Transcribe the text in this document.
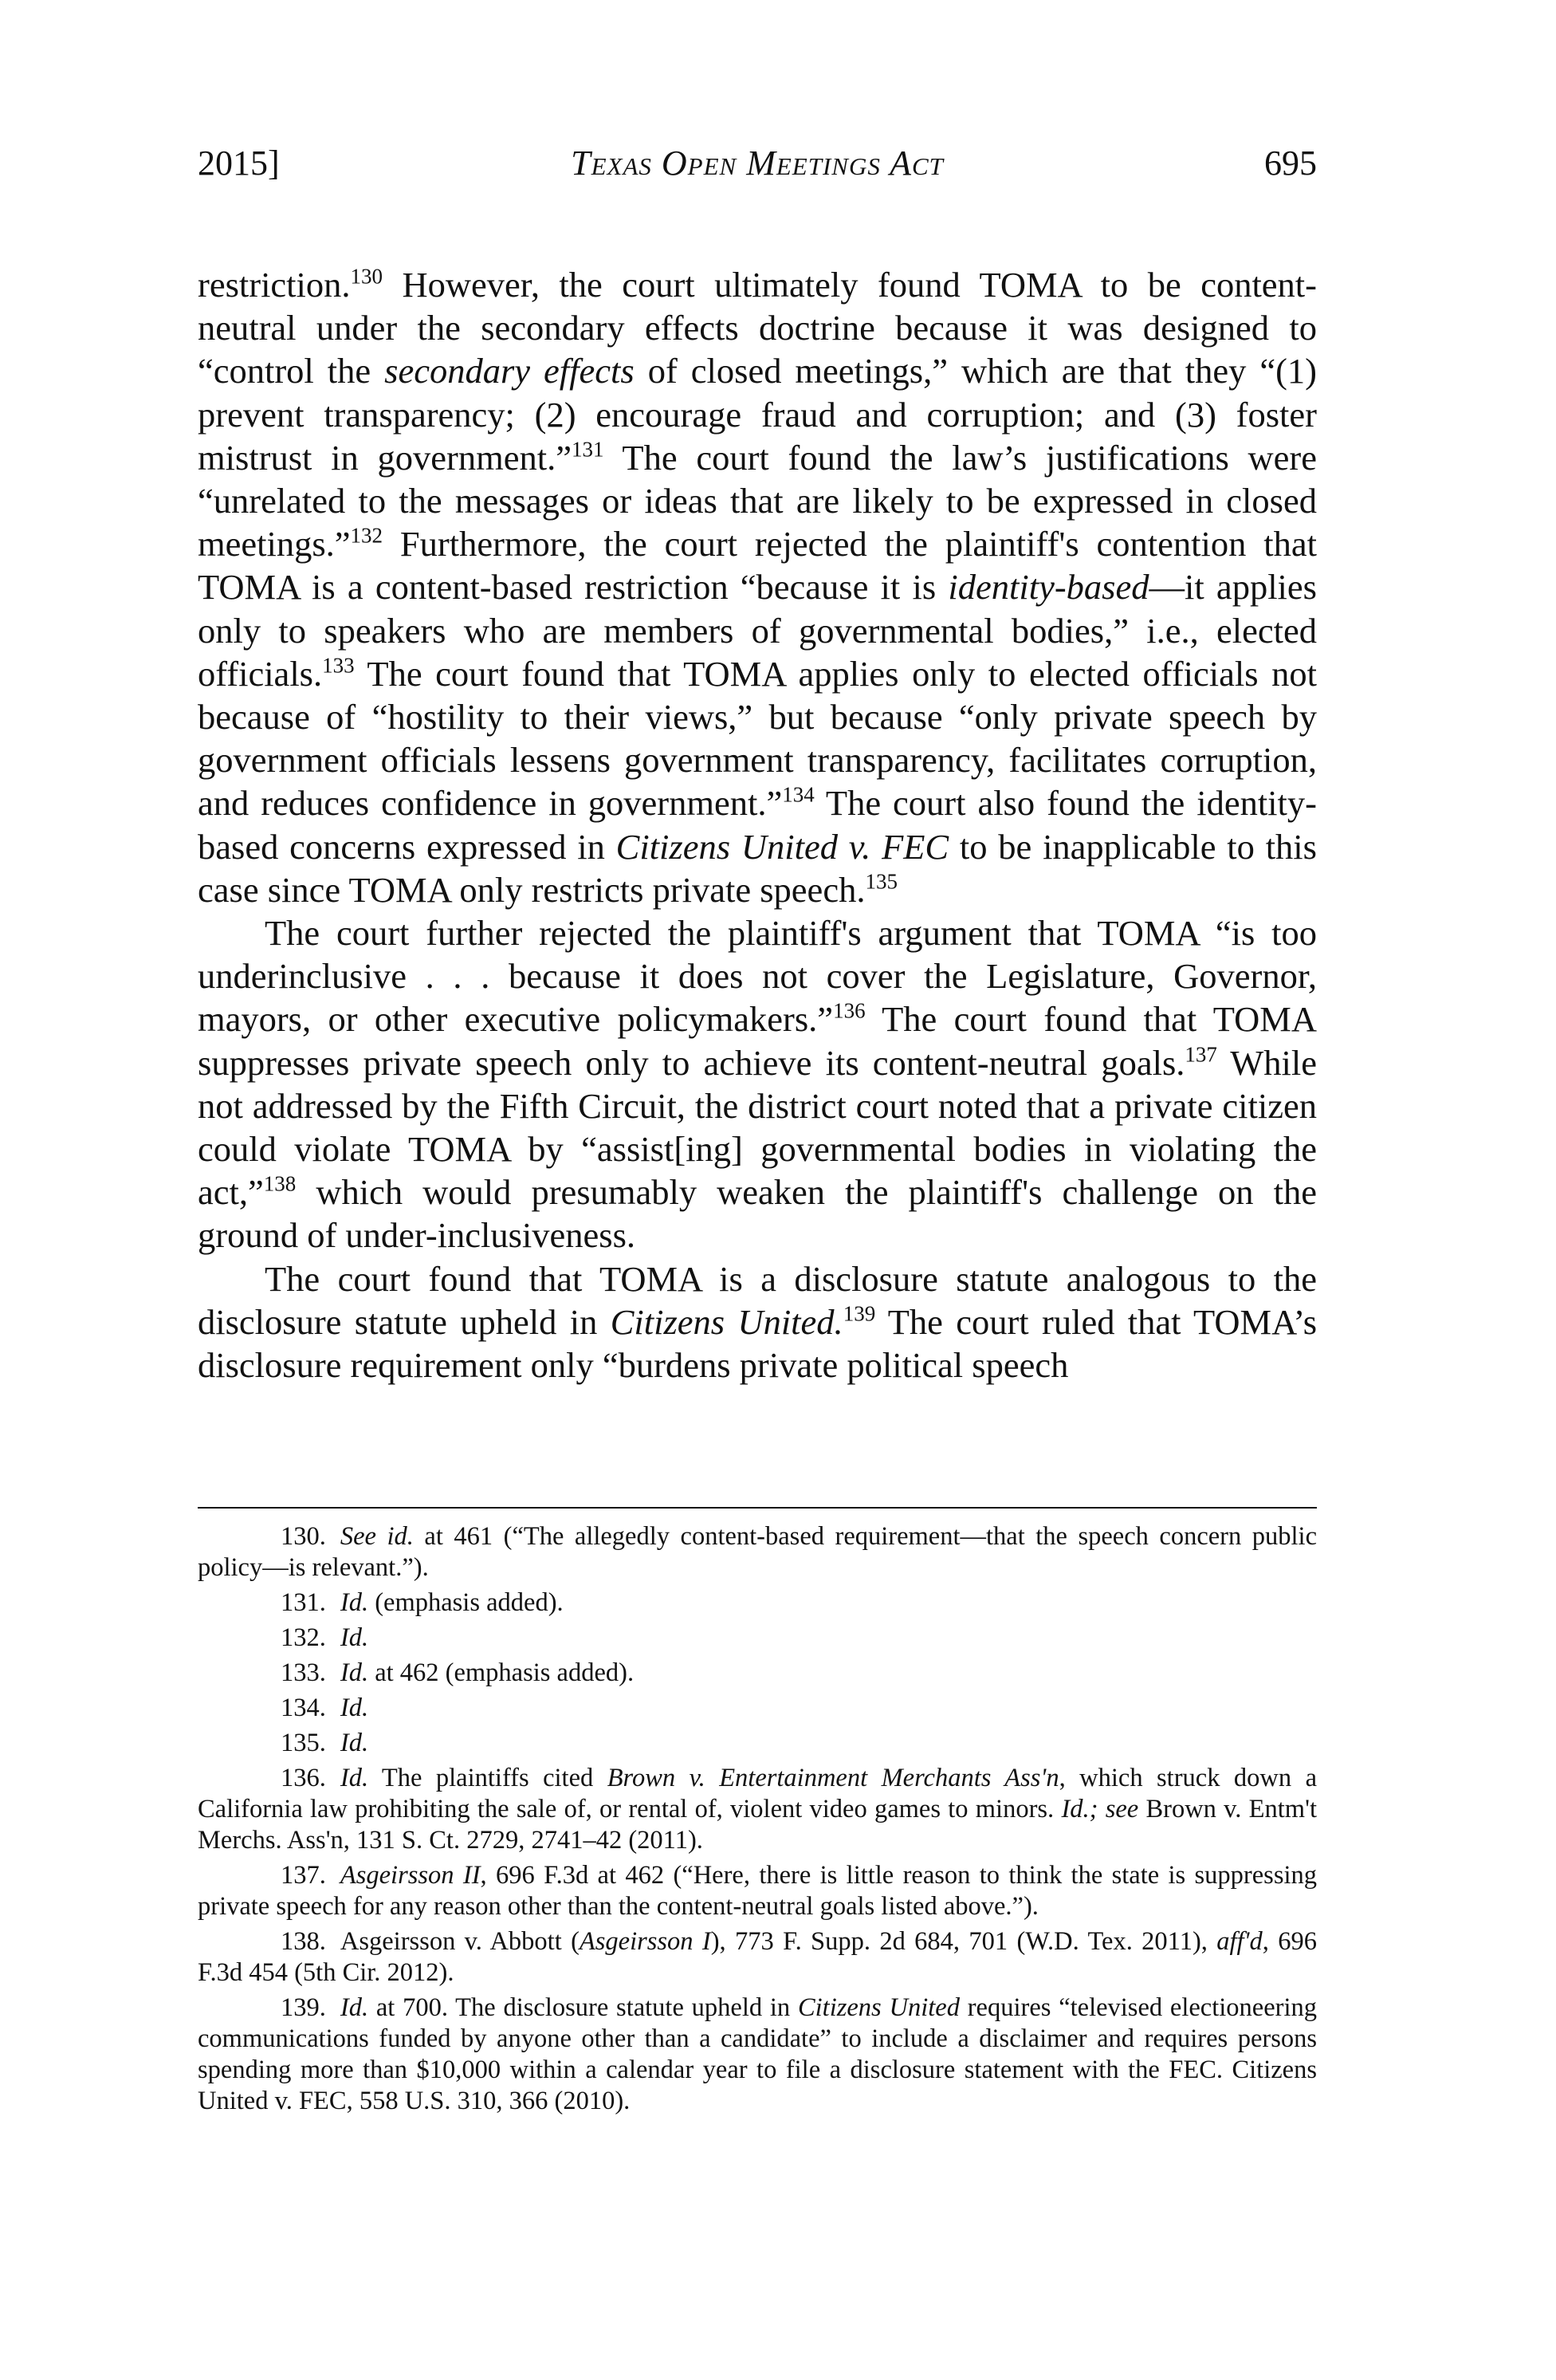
2015]	Texas Open Meetings Act	695

restriction.$^{130}$ However, the court ultimately found TOMA to be content-neutral under the secondary effects doctrine because it was designed to “control the secondary effects of closed meetings,” which are that they “(1) prevent transparency; (2) encourage fraud and corruption; and (3) foster mistrust in government.”$^{131}$ The court found the law’s justifications were “unrelated to the messages or ideas that are likely to be expressed in closed meetings.”$^{132}$ Furthermore, the court rejected the plaintiff's contention that TOMA is a content-based restriction “because it is identity-based—it applies only to speakers who are members of governmental bodies,” i.e., elected officials.$^{133}$ The court found that TOMA applies only to elected officials not because of “hostility to their views,” but because “only private speech by government officials lessens government transparency, facilitates corruption, and reduces confidence in government.”$^{134}$ The court also found the identity-based concerns expressed in Citizens United v. FEC to be inapplicable to this case since TOMA only restricts private speech.$^{135}$

The court further rejected the plaintiff's argument that TOMA “is too underinclusive . . . because it does not cover the Legislature, Governor, mayors, or other executive policymakers.”$^{136}$ The court found that TOMA suppresses private speech only to achieve its content-neutral goals.$^{137}$ While not addressed by the Fifth Circuit, the district court noted that a private citizen could violate TOMA by “assist[ing] governmental bodies in violating the act,”$^{138}$ which would presumably weaken the plaintiff's challenge on the ground of under-inclusiveness.

The court found that TOMA is a disclosure statute analogous to the disclosure statute upheld in Citizens United.$^{139}$ The court ruled that TOMA’s disclosure requirement only “burdens private political speech

130. See id. at 461 (“The allegedly content-based requirement—that the speech concern public policy—is relevant.”).

131. Id. (emphasis added).

132. Id.

133. Id. at 462 (emphasis added).

134. Id.

135. Id.

136. Id. The plaintiffs cited Brown v. Entertainment Merchants Ass'n, which struck down a California law prohibiting the sale of, or rental of, violent video games to minors. Id.; see Brown v. Entm't Merchs. Ass'n, 131 S. Ct. 2729, 2741–42 (2011).

137. Asgeirsson II, 696 F.3d at 462 (“Here, there is little reason to think the state is suppressing private speech for any reason other than the content-neutral goals listed above.”).

138. Asgeirsson v. Abbott (Asgeirsson I), 773 F. Supp. 2d 684, 701 (W.D. Tex. 2011), aff'd, 696 F.3d 454 (5th Cir. 2012).

139. Id. at 700. The disclosure statute upheld in Citizens United requires “televised electioneering communications funded by anyone other than a candidate” to include a disclaimer and requires persons spending more than $10,000 within a calendar year to file a disclosure statement with the FEC. Citizens United v. FEC, 558 U.S. 310, 366 (2010).
